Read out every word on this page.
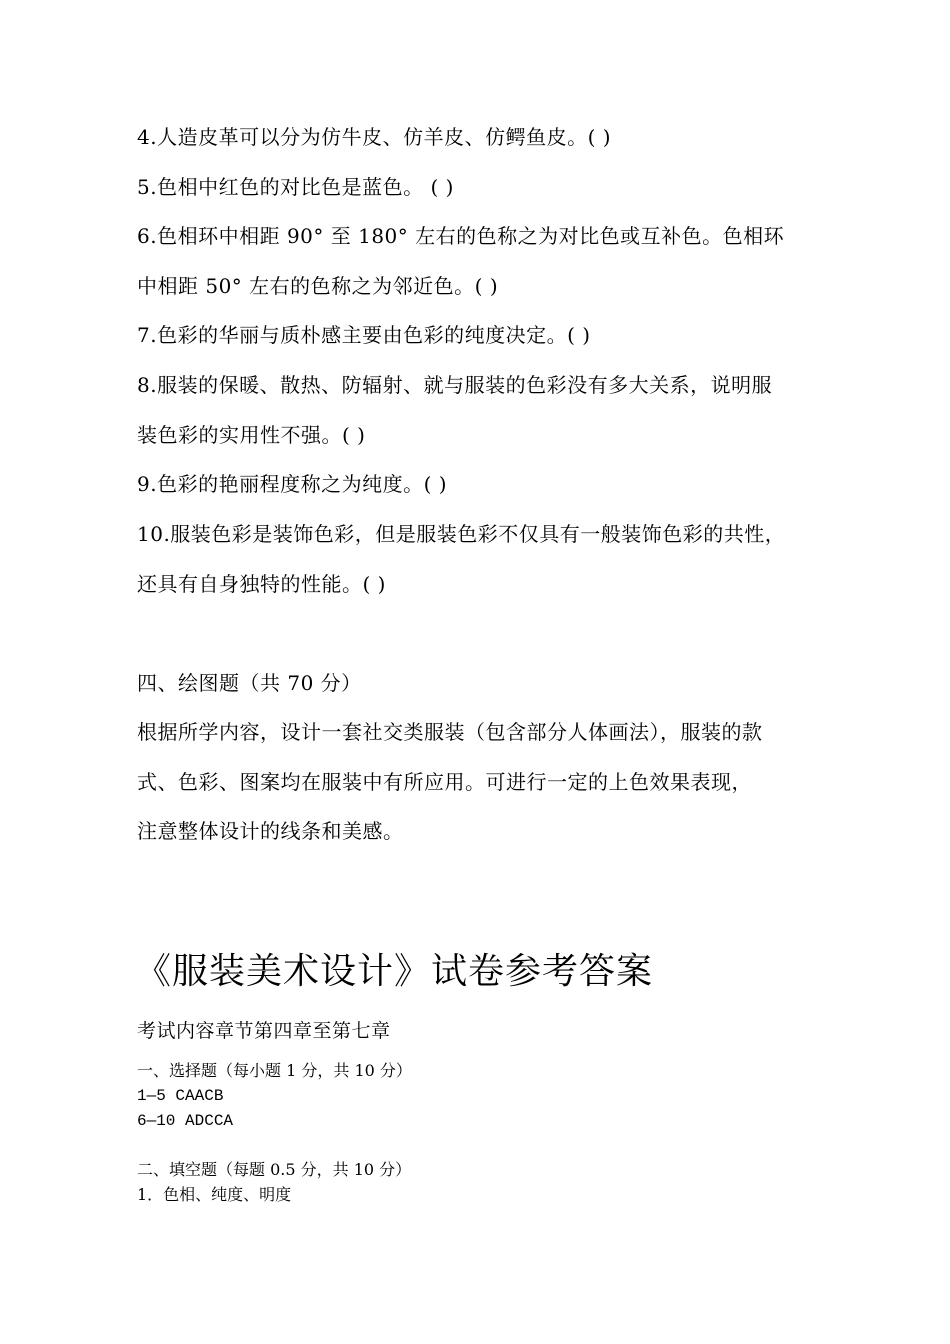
4.人造皮革可以分为仿牛皮、仿羊皮、仿鳄鱼皮。( )
5.色相中红色的对比色是蓝色。 ( )
6.色相环中相距 90° 至 180° 左右的色称之为对比色或互补色。色相环
中相距 50° 左右的色称之为邻近色。( )
7.色彩的华丽与质朴感主要由色彩的纯度决定。( )
8.服装的保暖、散热、防辐射、就与服装的色彩没有多大关系，说明服
装色彩的实用性不强。( )
9.色彩的艳丽程度称之为纯度。( )
10.服装色彩是装饰色彩，但是服装色彩不仅具有一般装饰色彩的共性，
还具有自身独特的性能。( )
四、绘图题（共 70 分）
根据所学内容，设计一套社交类服装（包含部分人体画法），服装的款
式、色彩、图案均在服装中有所应用。可进行一定的上色效果表现，
注意整体设计的线条和美感。
《服装美术设计》试卷参考答案
考试内容章节第四章至第七章
一、选择题（每小题 1 分，共 10 分）
1—5 CAACB
6—10 ADCCA
二、填空题（每题 0.5 分，共 10 分）
1．色相、纯度、明度
